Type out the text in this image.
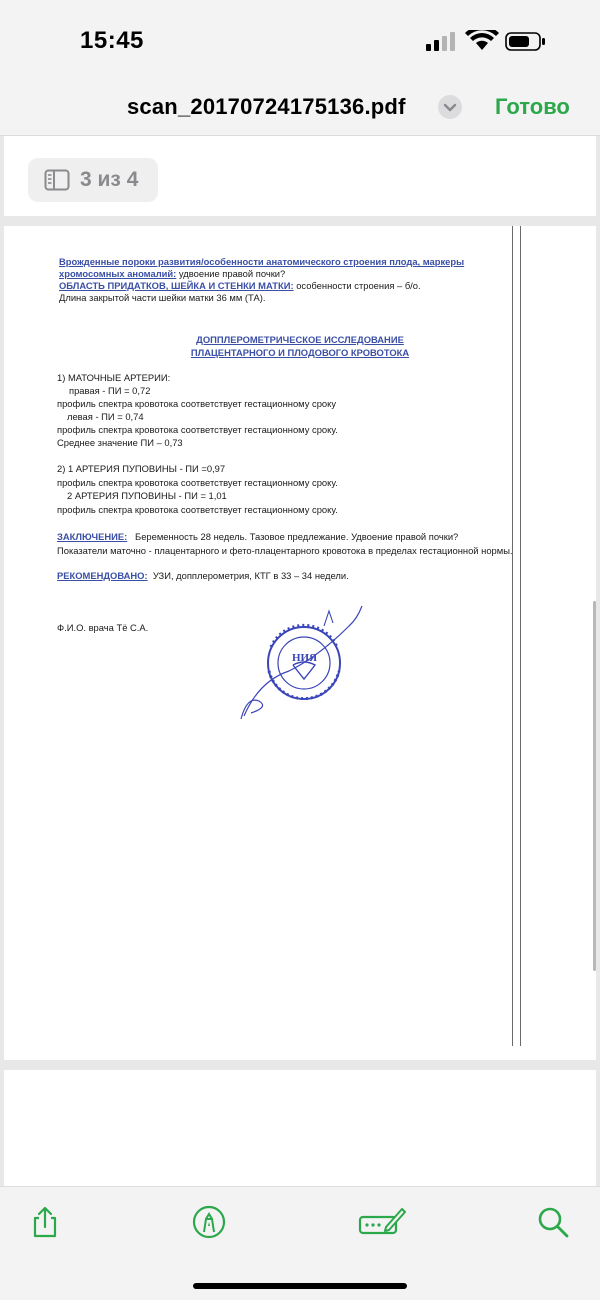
15:45
scan_20170724175136.pdf	Готово
3 из 4
Врожденные пороки развития/особенности анатомического строения плода, маркеры
хромосомных аномалий: удвоение правой почки?
ОБЛАСТЬ ПРИДАТКОВ, ШЕЙКА И СТЕНКИ МАТКИ: особенности строения – б/о.
Длина закрытой части шейки матки 36 мм (ТА).
ДОППЛЕРОМЕТРИЧЕСКОЕ ИССЛЕДОВАНИЕ
ПЛАЦЕНТАРНОГО И ПЛОДОВОГО КРОВОТОКА
1) МАТОЧНЫЕ АРТЕРИИ:
правая - ПИ = 0,72
профиль спектра кровотока соответствует гестационному сроку
левая - ПИ = 0,74
профиль спектра кровотока соответствует гестационному сроку.
Среднее значение ПИ – 0,73
2) 1 АРТЕРИЯ ПУПОВИНЫ - ПИ =0,97
профиль спектра кровотока соответствует гестационному сроку.
2 АРТЕРИЯ ПУПОВИНЫ - ПИ = 1,01
профиль спектра кровотока соответствует гестационному сроку.
ЗАКЛЮЧЕНИЕ: Беременность 28 недель. Тазовое предлежание. Удвоение правой почки?
Показатели маточно - плацентарного и фето-плацентарного кровотока в пределах гестационной нормы.
РЕКОМЕНДОВАНО: УЗИ, допплерометрия, КТГ в 33 – 34 недели.
Ф.И.О. врача Тё С.А.
НИЯ
